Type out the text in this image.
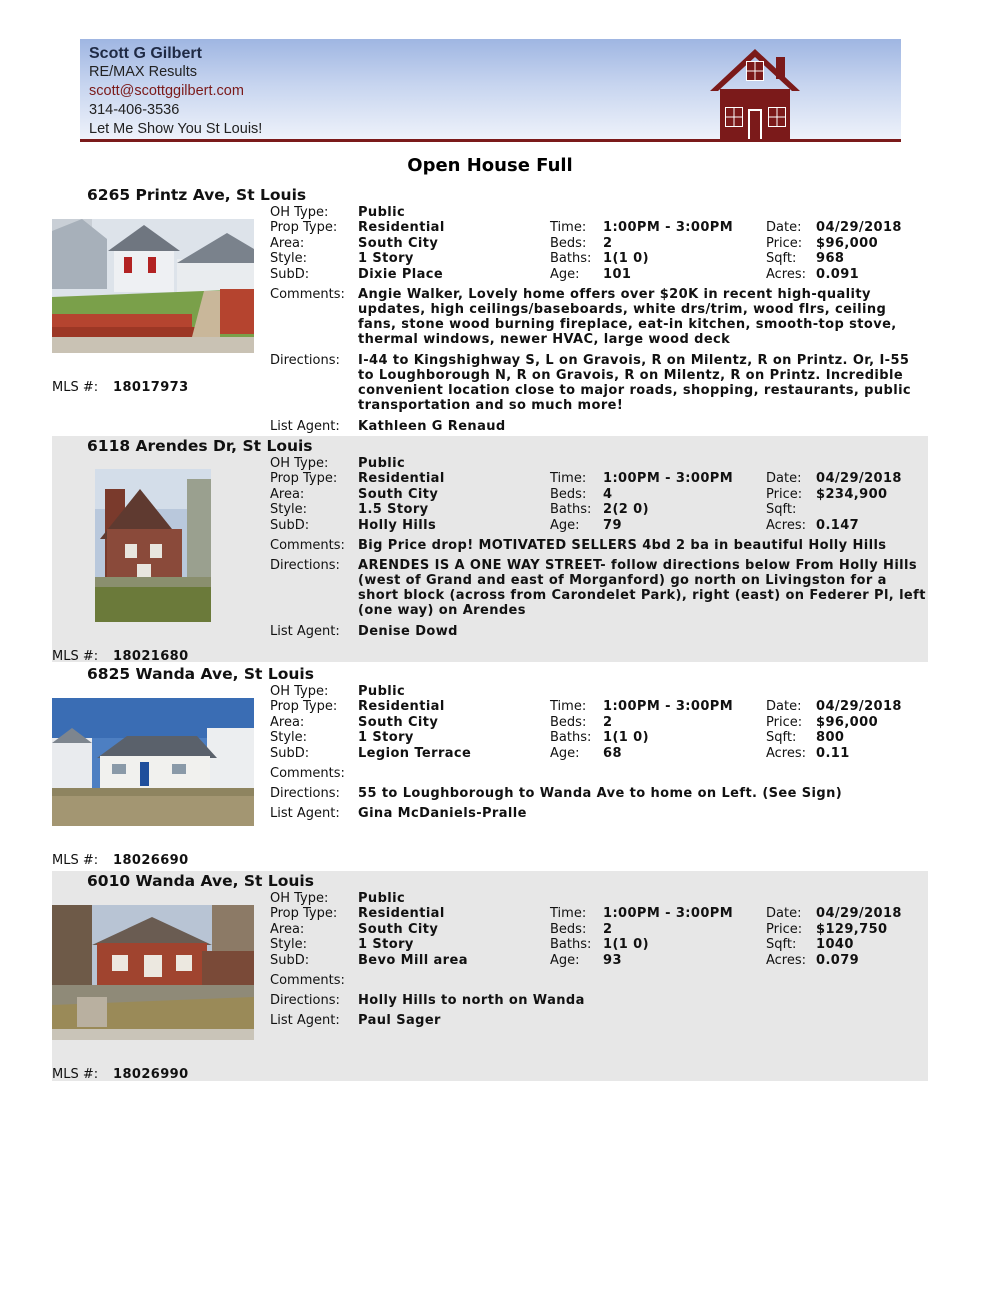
Scott G Gilbert
RE/MAX Results
scott@scottggilbert.com
314-406-3536
Let Me Show You St Louis!
Open House Full
6265 Printz Ave, St Louis
OH Type: Public
Prop Type: Residential
Area:	South City
Style:	1 Story
SubD:	Dixie Place
Time: 1:00PM - 3:00PM
Beds: 2
Baths: 1(1 0)
Age: 101
Date: 04/29/2018
Price: $96,000
Sqft: 968
Acres: 0.091
Comments: Angie Walker, Lovely home offers over $20K in recent high-quality updates, high ceilings/baseboards, white drs/trim, wood flrs, ceiling fans, stone wood burning fireplace, eat-in kitchen, smooth-top stove, thermal windows, newer HVAC, large wood deck
Directions: I-44 to Kingshighway S, L on Gravois, R on Milentz, R on Printz. Or, I-55 to Loughborough N, R on Gravois, R on Milentz, R on Printz. Incredible convenient location close to major roads, shopping, restaurants, public transportation and so much more!
List Agent: Kathleen G Renaud
MLS #: 18017973
6118 Arendes Dr, St Louis
OH Type: Public
Prop Type: Residential
Area:	South City
Style:	1.5 Story
SubD:	Holly Hills
Time: 1:00PM - 3:00PM
Beds: 4
Baths: 2(2 0)
Age: 79
Date: 04/29/2018
Price: $234,900
Sqft:
Acres: 0.147
Comments: Big Price drop! MOTIVATED SELLERS 4bd 2 ba in beautiful Holly Hills
Directions: ARENDES IS A ONE WAY STREET- follow directions below From Holly Hills (west of Grand and east of Morganford) go north on Livingston for a short block (across from Carondelet Park), right (east) on Federer Pl, left (one way) on Arendes
List Agent: Denise Dowd
MLS #: 18021680
6825 Wanda Ave, St Louis
OH Type: Public
Prop Type: Residential
Area:	South City
Style:	1 Story
SubD:	Legion Terrace
Time: 1:00PM - 3:00PM
Beds: 2
Baths: 1(1 0)
Age: 68
Date: 04/29/2018
Price: $96,000
Sqft: 800
Acres: 0.11
Comments:
Directions: 55 to Loughborough to Wanda Ave to home on Left. (See Sign)
List Agent: Gina McDaniels-Pralle
MLS #: 18026690
6010 Wanda Ave, St Louis
OH Type: Public
Prop Type: Residential
Area:	South City
Style:	1 Story
SubD:	Bevo Mill area
Time: 1:00PM - 3:00PM
Beds: 2
Baths: 1(1 0)
Age: 93
Date: 04/29/2018
Price: $129,750
Sqft: 1040
Acres: 0.079
Comments:
Directions: Holly Hills to north on Wanda
List Agent: Paul Sager
MLS #: 18026990
